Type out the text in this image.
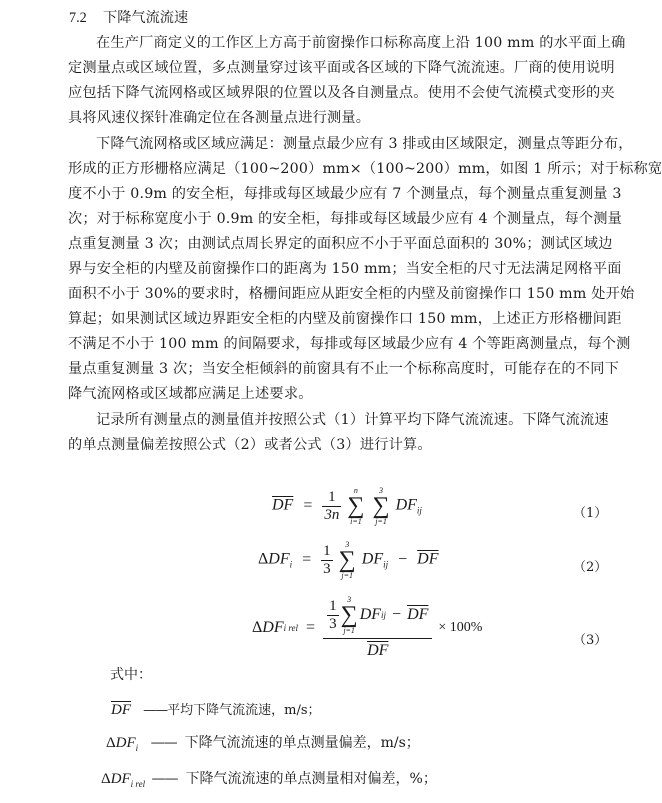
7.2 下降气流流速
在生产厂商定义的工作区上方高于前窗操作口标称高度上沿 100 mm 的水平面上确
定测量点或区域位置，多点测量穿过该平面或各区域的下降气流流速。厂商的使用说明
应包括下降气流网格或区域界限的位置以及各自测量点。使用不会使气流模式变形的夹
具将风速仪探针准确定位在各测量点进行测量。
下降气流网格或区域应满足：测量点最少应有 3 排或由区域限定，测量点等距分布，
形成的正方形栅格应满足（100~200）mm×（100~200）mm，如图 1 所示；对于标称宽
度不小于 0.9m 的安全柜，每排或每区域最少应有 7 个测量点，每个测量点重复测量 3
次；对于标称宽度小于 0.9m 的安全柜，每排或每区域最少应有 4 个测量点，每个测量
点重复测量 3 次；由测试点周长界定的面积应不小于平面总面积的 30%；测试区域边
界与安全柜的内壁及前窗操作口的距离为 150 mm；当安全柜的尺寸无法满足网格平面
面积不小于 30%的要求时，格栅间距应从距安全柜的内壁及前窗操作口 150 mm 处开始
算起；如果测试区域边界距安全柜的内壁及前窗操作口 150 mm，上述正方形格栅间距
不满足不小于 100 mm 的间隔要求，每排或每区域最少应有 4 个等距离测量点，每个测
量点重复测量 3 次；当安全柜倾斜的前窗具有不止一个标称高度时，可能存在的不同下
降气流网格或区域都应满足上述要求。
记录所有测量点的测量值并按照公式（1）计算平均下降气流流速。下降气流流速
的单点测量偏差按照公式（2）或者公式（3）进行计算。
$\overline{DF} = \frac{1}{3n}$
n
∑
i=1

3
∑
j=1
$DF_{ij}$	（1）
$\Delta DF_i = \frac{1}{3}$
3
∑
j=1
$DF_{ij} - \overline{DF}$	（2）
Δ DF i rel = $\frac{1}{3} 3$
∑
j=1
DF ij − $\overline{DF}$
$\overline{DF}$
× 100%
（3）
式中：
$\overline{DF}$ ——平均下降气流流速，m/s；
$\Delta DF_i$ —— 下降气流流速的单点测量偏差，m/s；
$\Delta DF_{i rel}$ —— 下降气流流速的单点测量相对偏差，%；
